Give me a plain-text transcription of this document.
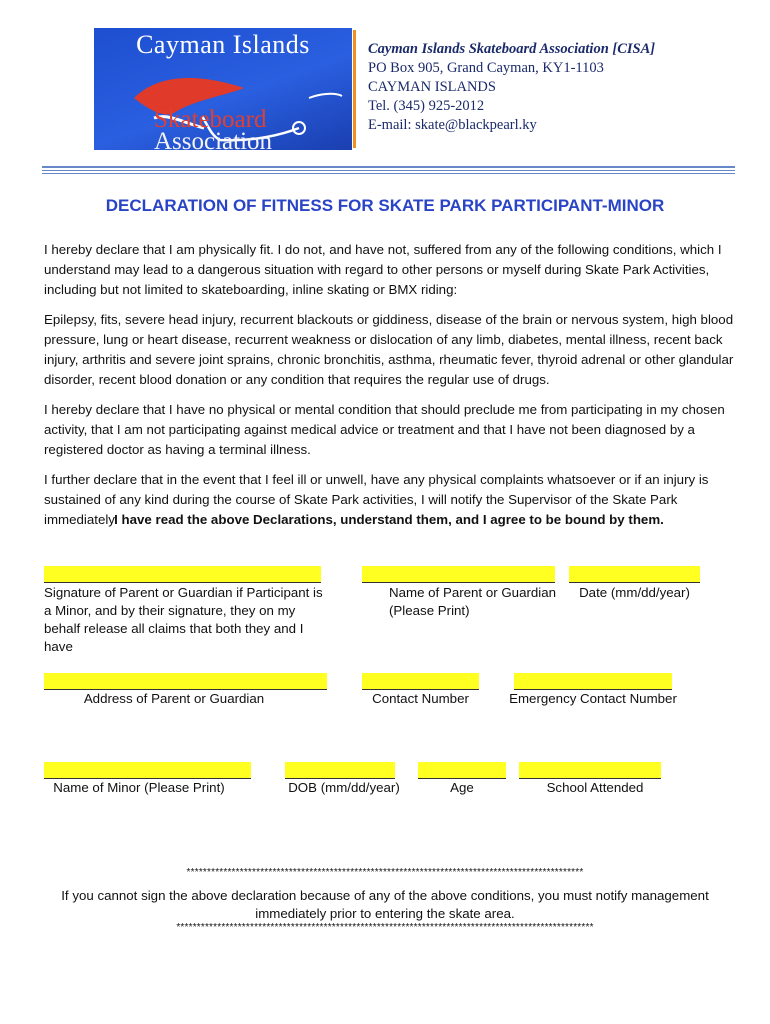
Cayman Islands
Skateboard
Association
Cayman Islands Skateboard Association [CISA]
PO Box 905, Grand Cayman, KY1-1103
CAYMAN ISLANDS
Tel. (345) 925-2012
E-mail: skate@blackpearl.ky
DECLARATION OF FITNESS FOR SKATE PARK PARTICIPANT-MINOR
I hereby declare that I am physically fit. I do not, and have not, suffered from any of the following conditions, which I understand may lead to a dangerous situation with regard to other persons or myself during Skate Park Activities, including but not limited to skateboarding, inline skating or BMX riding:
Epilepsy, fits, severe head injury, recurrent blackouts or giddiness, disease of the brain or nervous system, high blood pressure, lung or heart disease, recurrent weakness or dislocation of any limb, diabetes, mental illness, recent back injury, arthritis and severe joint sprains, chronic bronchitis, asthma, rheumatic fever, thyroid adrenal or other glandular disorder, recent blood donation or any condition that requires the regular use of drugs.
I hereby declare that I have no physical or mental condition that should preclude me from participating in my chosen activity, that I am not participating against medical advice or treatment and that I have not been diagnosed by a registered doctor as having a terminal illness.
I further declare that in the event that I feel ill or unwell, have any physical complaints whatsoever or if an injury is sustained of any kind during the course of Skate Park activities, I will notify the Supervisor of the Skate Park immediately.
I have read the above Declarations, understand them, and I agree to be bound by them.
Signature of Parent or Guardian if Participant is a Minor, and by their signature, they on my behalf release all claims that both they and I have
Name of Parent or Guardian (Please Print)
Date (mm/dd/year)
Address of Parent or Guardian	Contact Number	Emergency Contact Number
Name of Minor (Please Print)	DOB (mm/dd/year)	Age	School Attended
*************************************************************************************************
If you cannot sign the above declaration because of any of the above conditions, you must notify management immediately prior to entering the skate area.
******************************************************************************************************
